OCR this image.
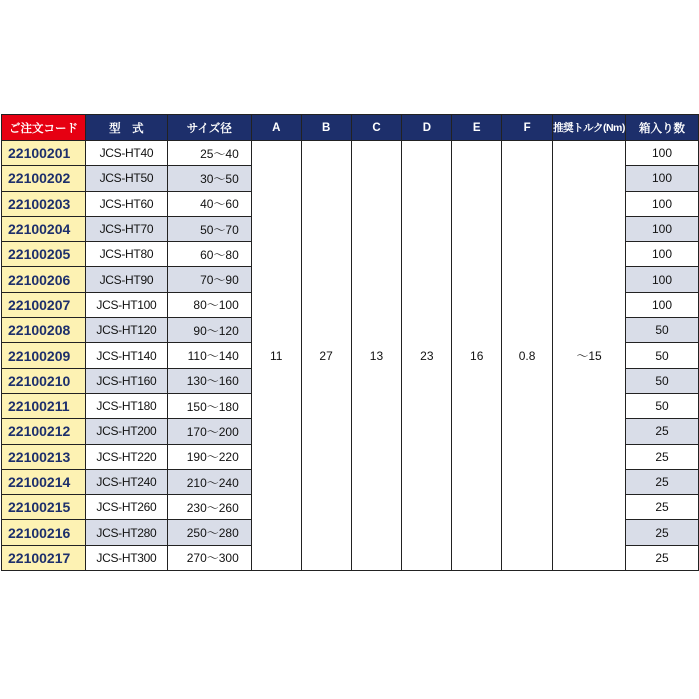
ご注文コード	型　式	サイズ径	A	B	C	D	E	F	推奨トルク(Nm)	箱入り数
22100201	JCS-HT40	25～40	11	27	13	23	16	0.8	～15	100
22100202	JCS-HT50	30～50								100
22100203	JCS-HT60	40～60								100
22100204	JCS-HT70	50～70								100
22100205	JCS-HT80	60～80								100
22100206	JCS-HT90	70～90								100
22100207	JCS-HT100	80～100								100
22100208	JCS-HT120	90～120								50
22100209	JCS-HT140	110～140								50
22100210	JCS-HT160	130～160								50
22100211	JCS-HT180	150～180								50
22100212	JCS-HT200	170～200								25
22100213	JCS-HT220	190～220								25
22100214	JCS-HT240	210～240								25
22100215	JCS-HT260	230～260								25
22100216	JCS-HT280	250～280								25
22100217	JCS-HT300	270～300								25
